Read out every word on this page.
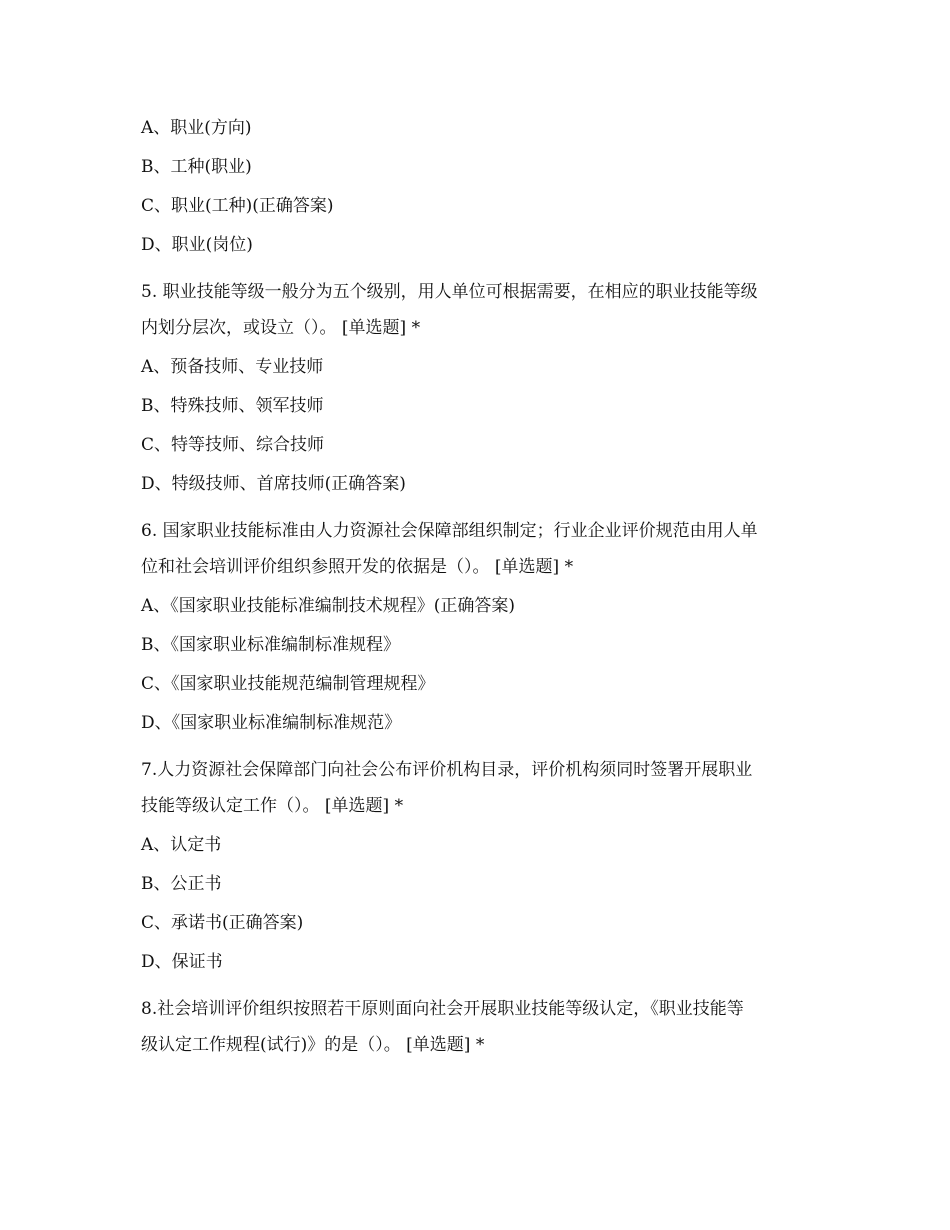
A、职业(方向)
B、工种(职业)
C、职业(工种)(正确答案)
D、职业(岗位)
5. 职业技能等级一般分为五个级别，用人单位可根据需要，在相应的职业技能等级
内划分层次，或设立（）。 [单选题] *
A、预备技师、专业技师
B、特殊技师、领军技师
C、特等技师、综合技师
D、特级技师、首席技师(正确答案)
6. 国家职业技能标准由人力资源社会保障部组织制定；行业企业评价规范由用人单
位和社会培训评价组织参照开发的依据是（）。 [单选题] *
A、《国家职业技能标准编制技术规程》(正确答案)
B、《国家职业标准编制标准规程》
C、《国家职业技能规范编制管理规程》
D、《国家职业标准编制标准规范》
7.人力资源社会保障部门向社会公布评价机构目录，评价机构须同时签署开展职业
技能等级认定工作（）。 [单选题] *
A、认定书
B、公正书
C、承诺书(正确答案)
D、保证书
8.社会培训评价组织按照若干原则面向社会开展职业技能等级认定，《职业技能等
级认定工作规程(试行)》的是（）。 [单选题] *
